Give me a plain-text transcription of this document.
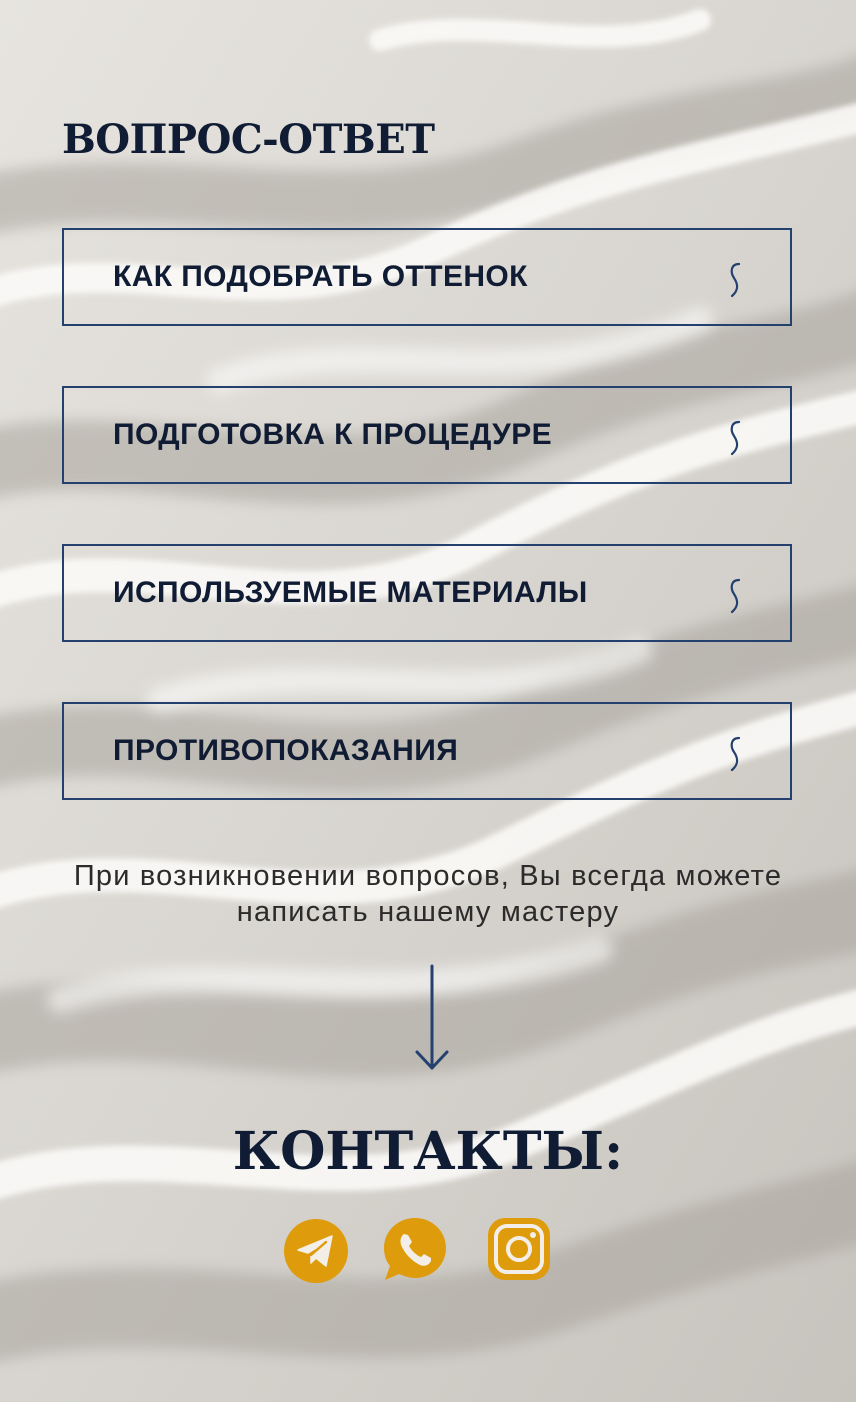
ВОПРОС-ОТВЕТ
КАК ПОДОБРАТЬ ОТТЕНОК
ПОДГОТОВКА К ПРОЦЕДУРЕ
ИСПОЛЬЗУЕМЫЕ МАТЕРИАЛЫ
ПРОТИВОПОКАЗАНИЯ

При возникновении вопросов, Вы всегда можете написать нашему мастеру

КОНТАКТЫ:
